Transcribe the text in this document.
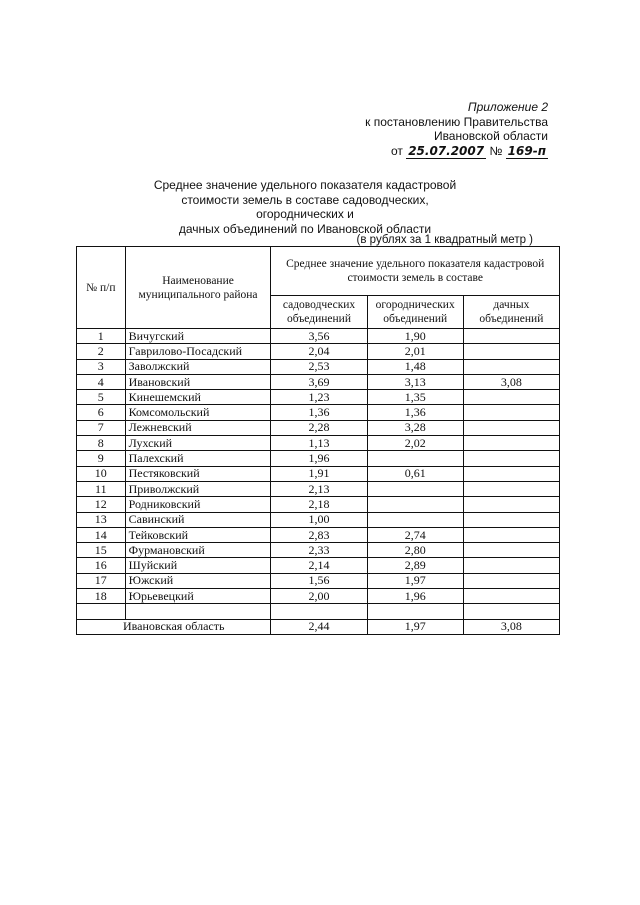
Приложение 2
к постановлению Правительства
Ивановской области
от 25.07.2007 № 169-п
Среднее значение удельного показателя кадастровой
стоимости земель в составе садоводческих, огороднических и
дачных объединений по Ивановской области
(в рублях за 1 квадратный метр )
№ п/п	Наименование муниципального района	Среднее значение удельного показателя кадастровой стоимости земель в составе		
		садоводческих объединений	огороднических объединений	дачных объединений
1	Вичугский	3,56	1,90	
2	Гаврилово-Посадский	2,04	2,01	
3	Заволжский	2,53	1,48	
4	Ивановский	3,69	3,13	3,08
5	Кинешемский	1,23	1,35	
6	Комсомольский	1,36	1,36	
7	Лежневский	2,28	3,28	
8	Лухский	1,13	2,02	
9	Палехский	1,96		
10	Пестяковский	1,91	0,61	
11	Приволжский	2,13		
12	Родниковский	2,18		
13	Савинский	1,00		
14	Тейковский	2,83	2,74	
15	Фурмановский	2,33	2,80	
16	Шуйский	2,14	2,89	
17	Южский	1,56	1,97	
18	Юрьевецкий	2,00	1,96	

Ивановская область		2,44	1,97	3,08
